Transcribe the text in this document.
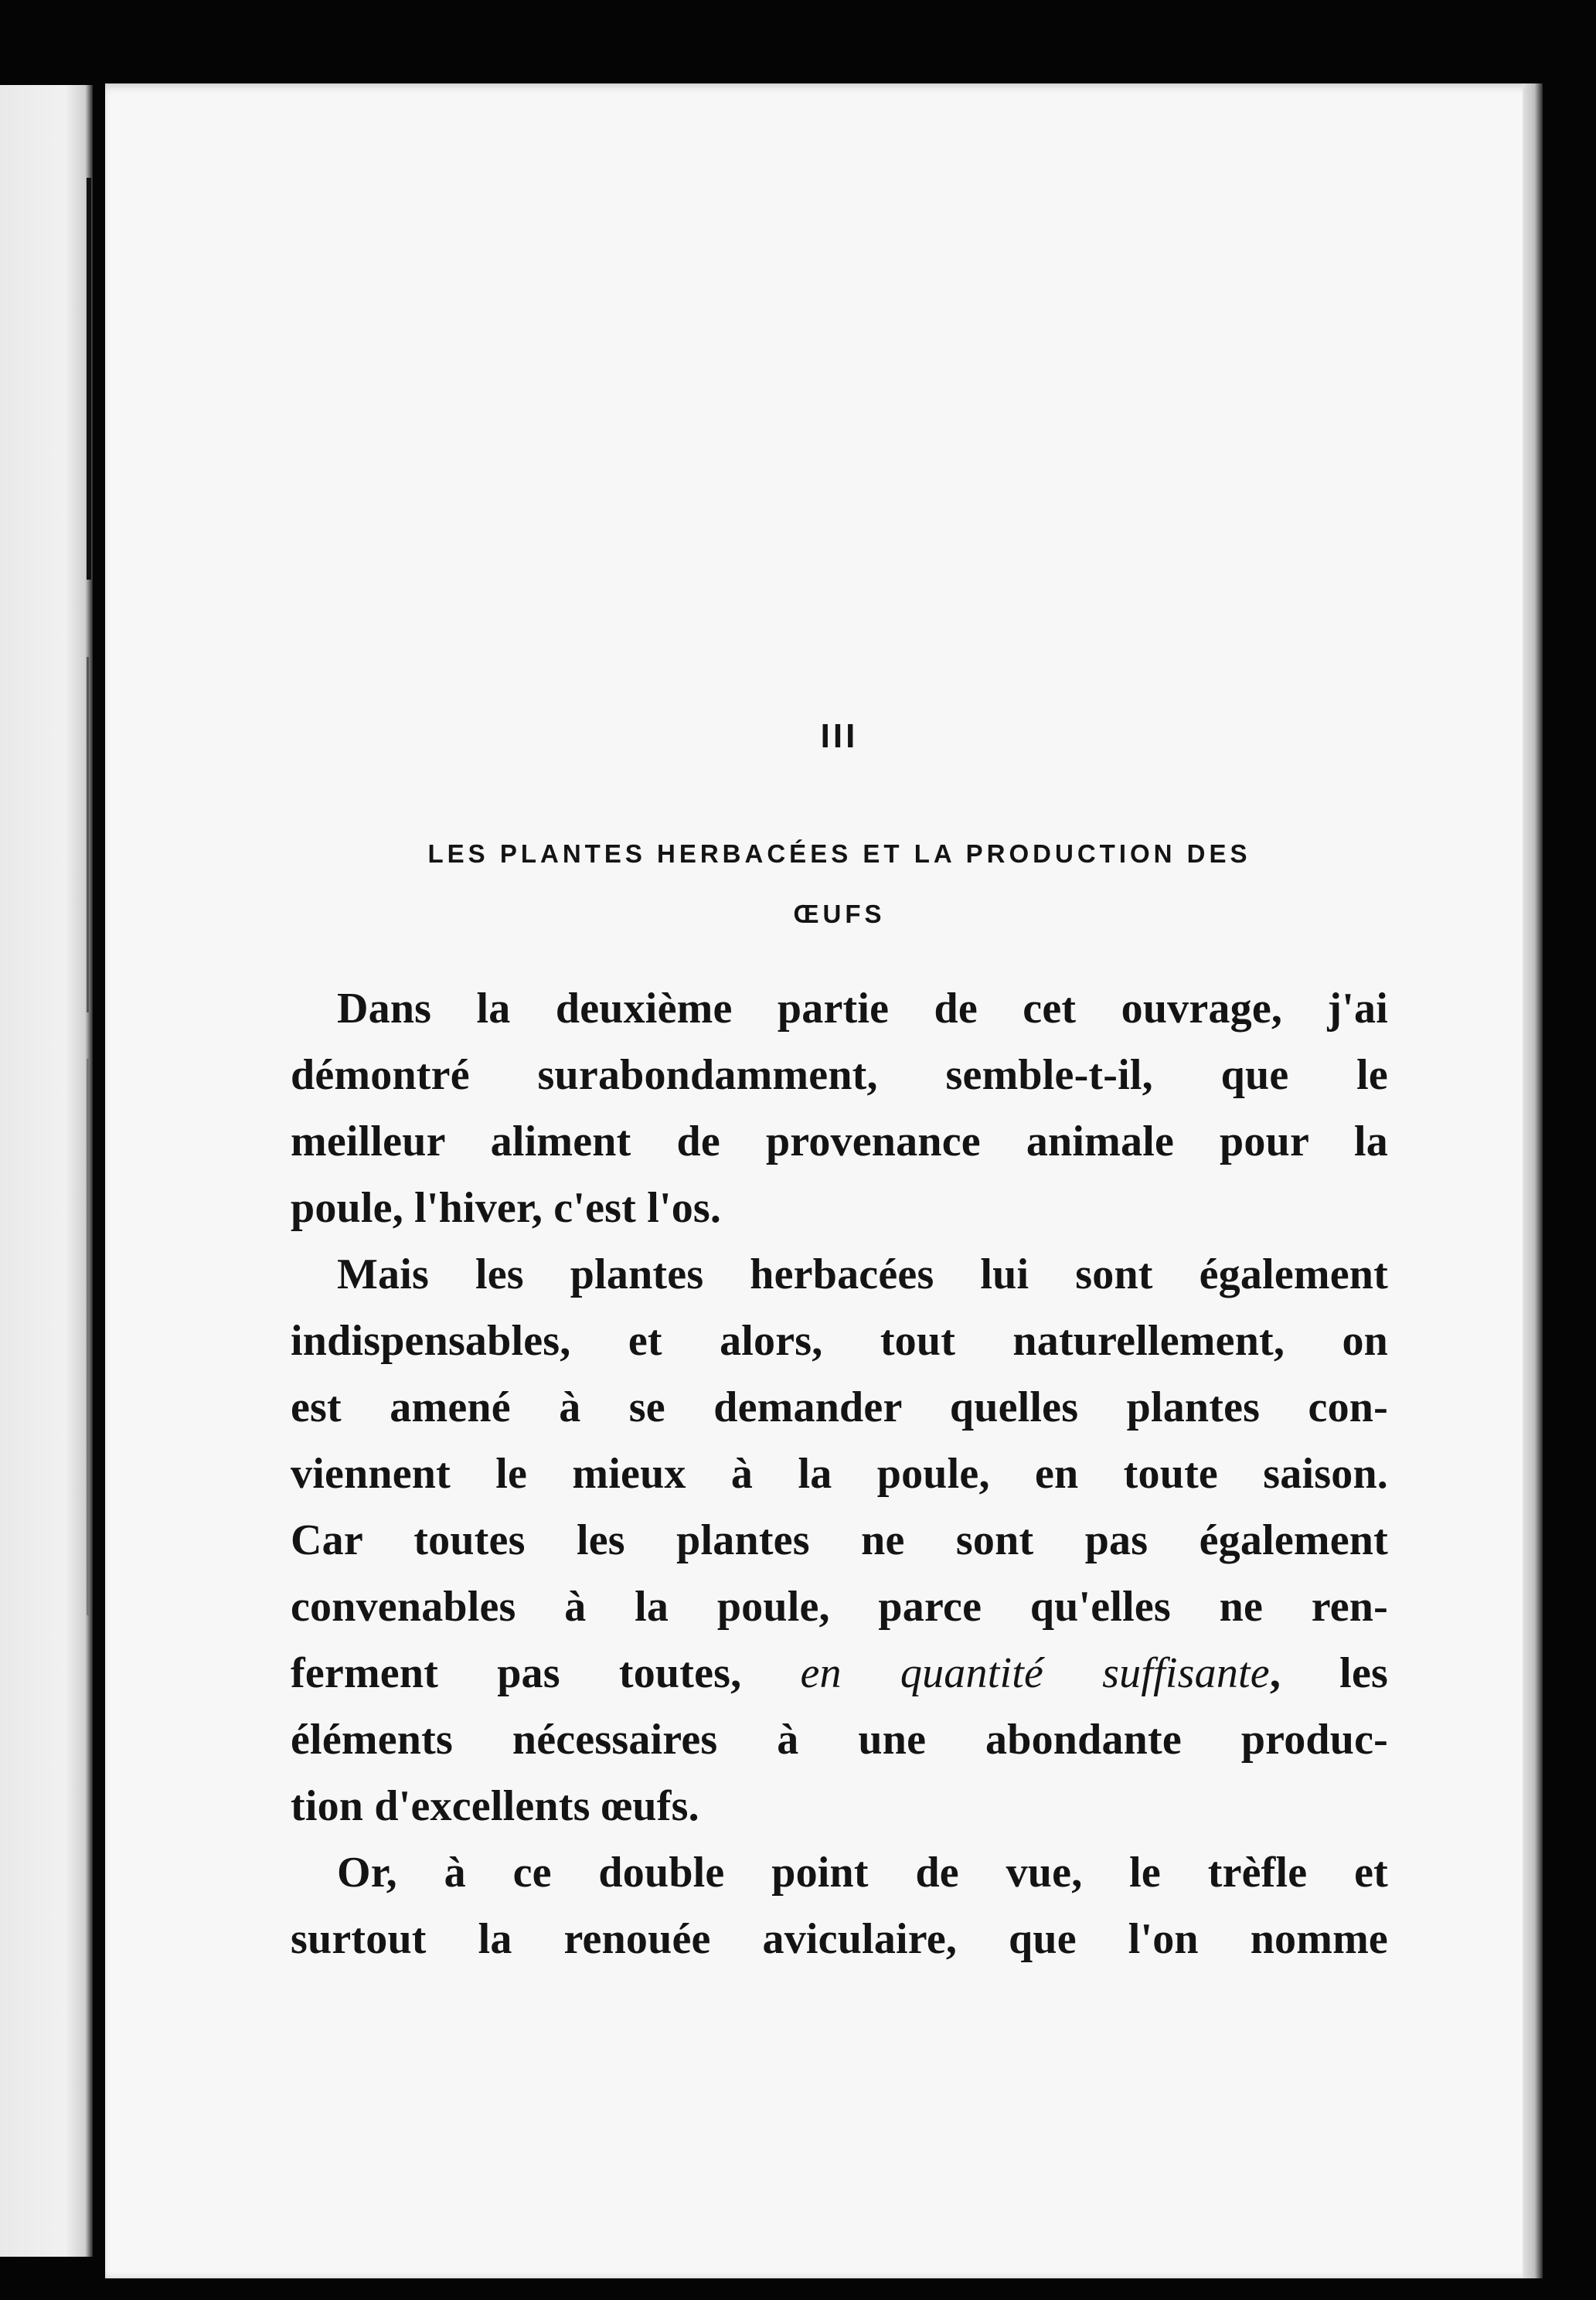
III
LES PLANTES HERBACÉES ET LA PRODUCTION DES
ŒUFS

Dans la deuxième partie de cet ouvrage, j'ai
démontré surabondamment, semble-t-il, que le
meilleur aliment de provenance animale pour la
poule, l'hiver, c'est l'os.

Mais les plantes herbacées lui sont également
indispensables, et alors, tout naturellement, on
est amené à se demander quelles plantes con-
viennent le mieux à la poule, en toute saison.
Car toutes les plantes ne sont pas également
convenables à la poule, parce qu'elles ne ren-
ferment pas toutes, en quantité suffisante, les
éléments nécessaires à une abondante produc-
tion d'excellents œufs.

Or, à ce double point de vue, le trèfle et
surtout la renouée aviculaire, que l'on nomme
